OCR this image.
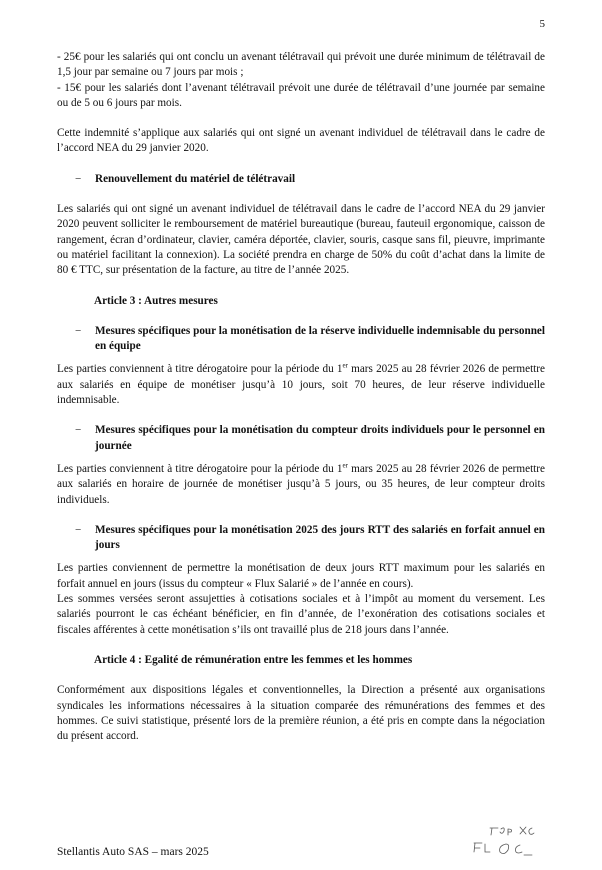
5

- 25€ pour les salariés qui ont conclu un avenant télétravail qui prévoit une durée minimum de télétravail de 1,5 jour par semaine ou 7 jours par mois ;

- 15€ pour les salariés dont l’avenant télétravail prévoit une durée de télétravail d’une journée par semaine ou de 5 ou 6 jours par mois.

Cette indemnité s’applique aux salariés qui ont signé un avenant individuel de télétravail dans le cadre de l’accord NEA du 29 janvier 2020.

−	Renouvellement du matériel de télétravail

Les salariés qui ont signé un avenant individuel de télétravail dans le cadre de l’accord NEA du 29 janvier 2020 peuvent solliciter le remboursement de matériel bureautique (bureau, fauteuil ergonomique, caisson de rangement, écran d’ordinateur, clavier, caméra déportée, clavier, souris, casque sans fil, pieuvre, imprimante ou matériel facilitant la connexion). La société prendra en charge de 50% du coût d’achat dans la limite de 80 € TTC, sur présentation de la facture, au titre de l’année 2025.

Article 3 : Autres mesures
−	Mesures spécifiques pour la monétisation de la réserve individuelle indemnisable du personnel en équipe

Les parties conviennent à titre dérogatoire pour la période du 1er mars 2025 au 28 février 2026 de permettre aux salariés en équipe de monétiser jusqu’à 10 jours, soit 70 heures, de leur réserve individuelle indemnisable.

−	Mesures spécifiques pour la monétisation du compteur droits individuels pour le personnel en journée

Les parties conviennent à titre dérogatoire pour la période du 1er mars 2025 au 28 février 2026 de permettre aux salariés en horaire de journée de monétiser jusqu’à 5 jours, ou 35 heures, de leur compteur droits individuels.

−	Mesures spécifiques pour la monétisation 2025 des jours RTT des salariés en forfait annuel en jours

Les parties conviennent de permettre la monétisation de deux jours RTT maximum pour les salariés en forfait annuel en jours (issus du compteur « Flux Salarié » de l’année en cours).

Les sommes versées seront assujetties à cotisations sociales et à l’impôt au moment du versement. Les salariés pourront le cas échéant bénéficier, en fin d’année, de l’exonération des cotisations sociales et fiscales afférentes à cette monétisation s’ils ont travaillé plus de 218 jours dans l’année.

Article 4 : Egalité de rémunération entre les femmes et les hommes

Conformément aux dispositions légales et conventionnelles, la Direction a présenté aux organisations syndicales les informations nécessaires à la situation comparée des rémunérations des femmes et des hommes. Ce suivi statistique, présenté lors de la première réunion, a été pris en compte dans la négociation du présent accord.

Stellantis Auto SAS – mars 2025
